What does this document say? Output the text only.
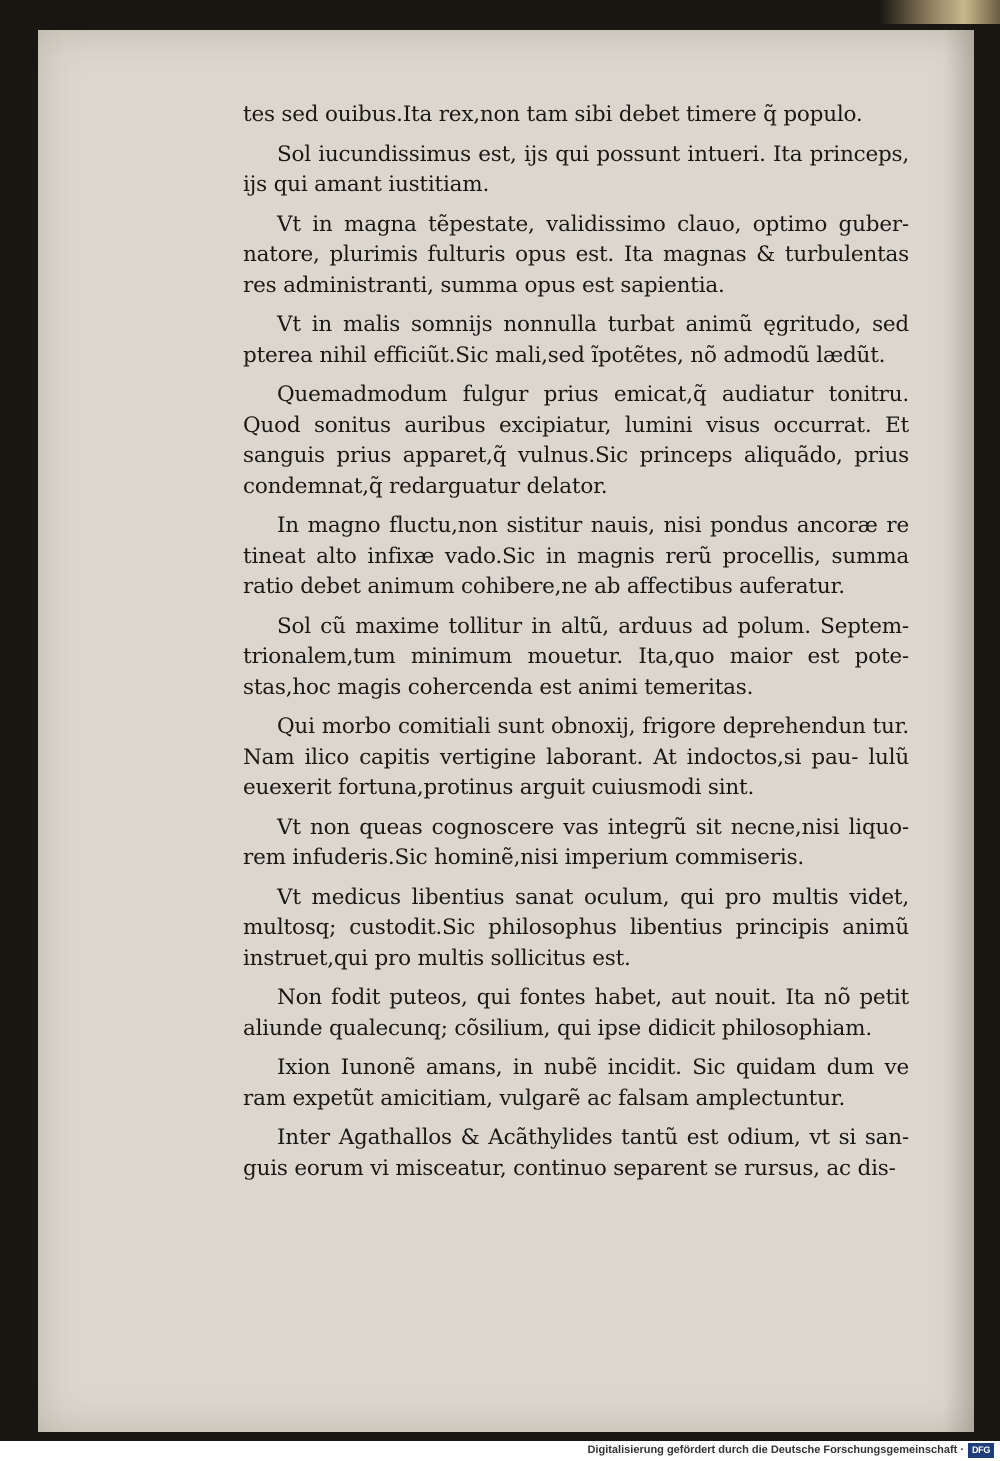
tes sed ouibus.Ita rex,non tam sibi debet timere q̃ populo.

Sol iucundissimus est, ijs qui possunt intueri. Ita princeps, ijs qui amant iustitiam.

Vt in magna tẽpestate, validissimo clauo, optimo guber- natore, plurimis fulturis opus est. Ita magnas & turbulentas res administranti, summa opus est sapientia.

Vt in malis somnijs nonnulla turbat animũ ęgritudo, sed pterea nihil efficiũt.Sic mali,sed ĩpotẽtes, nõ admodũ lædũt.

Quemadmodum fulgur prius emicat,q̃ audiatur tonitru. Quod sonitus auribus excipiatur, lumini visus occurrat. Et sanguis prius apparet,q̃ vulnus.Sic princeps aliquãdo, prius condemnat,q̃ redarguatur delator.

In magno fluctu,non sistitur nauis, nisi pondus ancoræ re tineat alto infixæ vado.Sic in magnis rerũ procellis, summa ratio debet animum cohibere,ne ab affectibus auferatur.

Sol cũ maxime tollitur in altũ, arduus ad polum. Septem- trionalem,tum minimum mouetur. Ita,quo maior est pote- stas,hoc magis cohercenda est animi temeritas.

Qui morbo comitiali sunt obnoxij, frigore deprehendun tur. Nam ilico capitis vertigine laborant. At indoctos,si pau- lulũ euexerit fortuna,protinus arguit cuiusmodi sint.

Vt non queas cognoscere vas integrũ sit necne,nisi liquo- rem infuderis.Sic hominẽ,nisi imperium commiseris.

Vt medicus libentius sanat oculum, qui pro multis videt, multosq; custodit.Sic philosophus libentius principis animũ instruet,qui pro multis sollicitus est.

Non fodit puteos, qui fontes habet, aut nouit. Ita nõ petit aliunde qualecunq; cõsilium, qui ipse didicit philosophiam.

Ixion Iunonẽ amans, in nubẽ incidit. Sic quidam dum ve ram expetũt amicitiam, vulgarẽ ac falsam amplectuntur.

Inter Agathallos & Acãthylides tantũ est odium, vt si san- guis eorum vi misceatur, continuo separent se rursus, ac dis-

Digitalisierung gefördert durch die Deutsche Forschungsgemeinschaft · DFG
